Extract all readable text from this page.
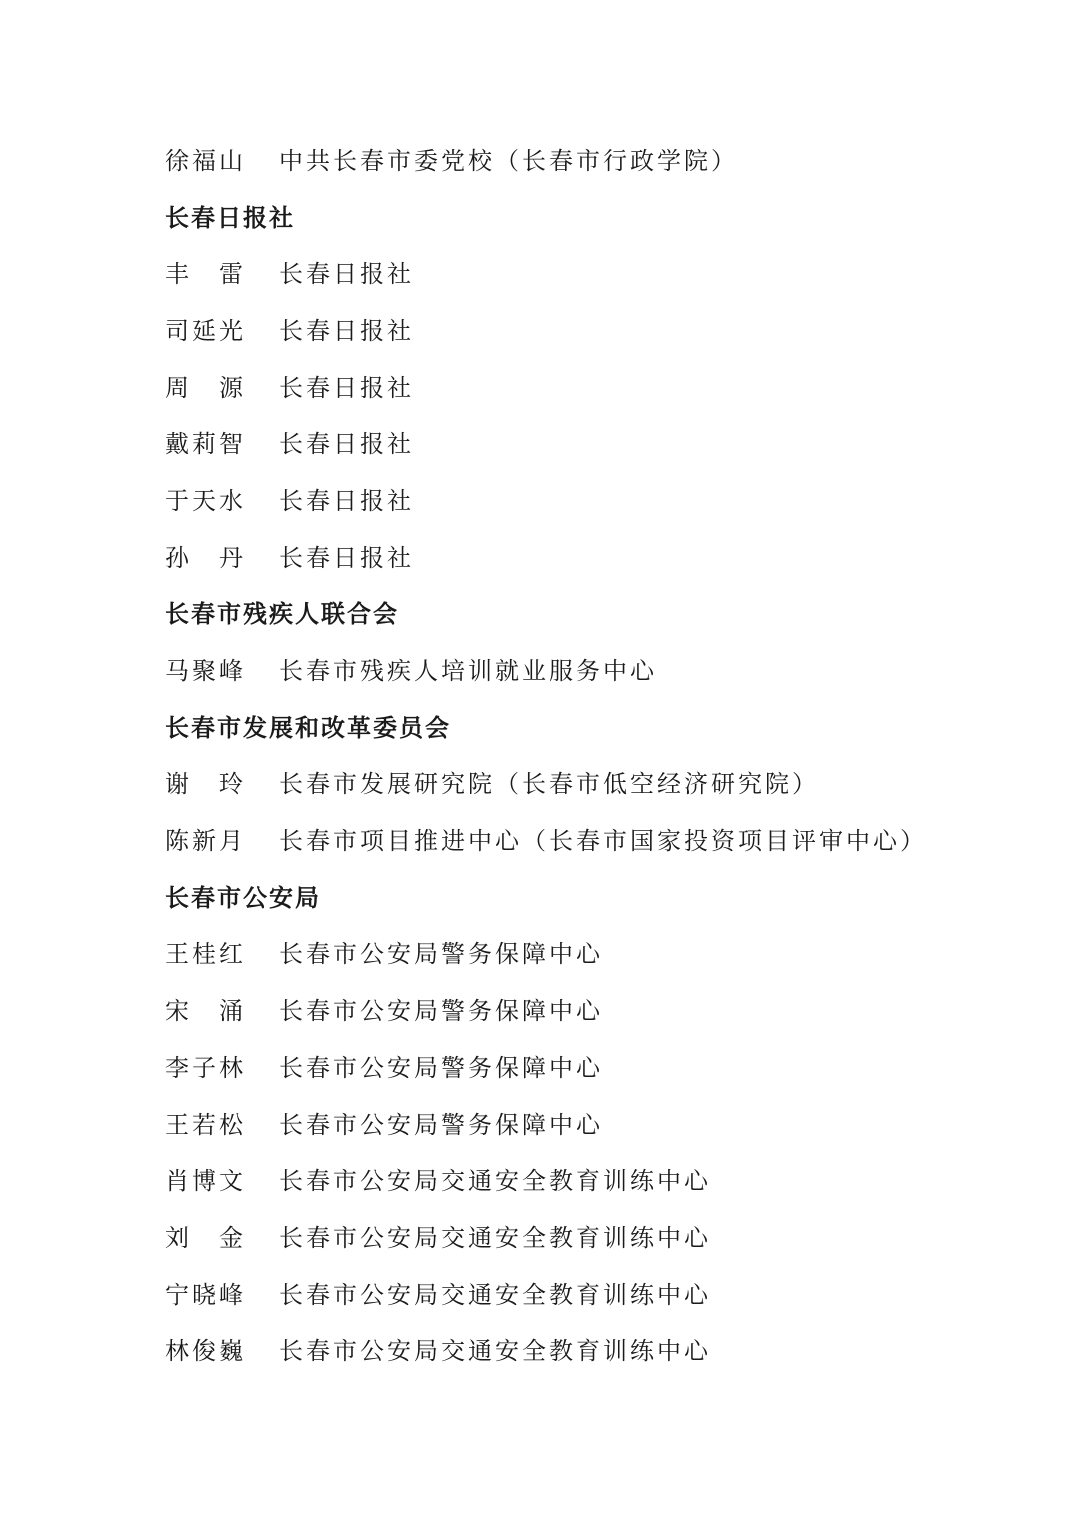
徐福山	中共长春市委党校（长春市行政学院）
长春日报社
丰　雷	长春日报社
司延光	长春日报社
周　源	长春日报社
戴莉智	长春日报社
于天水	长春日报社
孙　丹	长春日报社
长春市残疾人联合会
马聚峰	长春市残疾人培训就业服务中心
长春市发展和改革委员会
谢　玲	长春市发展研究院（长春市低空经济研究院）
陈新月	长春市项目推进中心（长春市国家投资项目评审中心）
长春市公安局
王桂红	长春市公安局警务保障中心
宋　涌	长春市公安局警务保障中心
李子林	长春市公安局警务保障中心
王若松	长春市公安局警务保障中心
肖博文	长春市公安局交通安全教育训练中心
刘　金	长春市公安局交通安全教育训练中心
宁晓峰	长春市公安局交通安全教育训练中心
林俊巍	长春市公安局交通安全教育训练中心
